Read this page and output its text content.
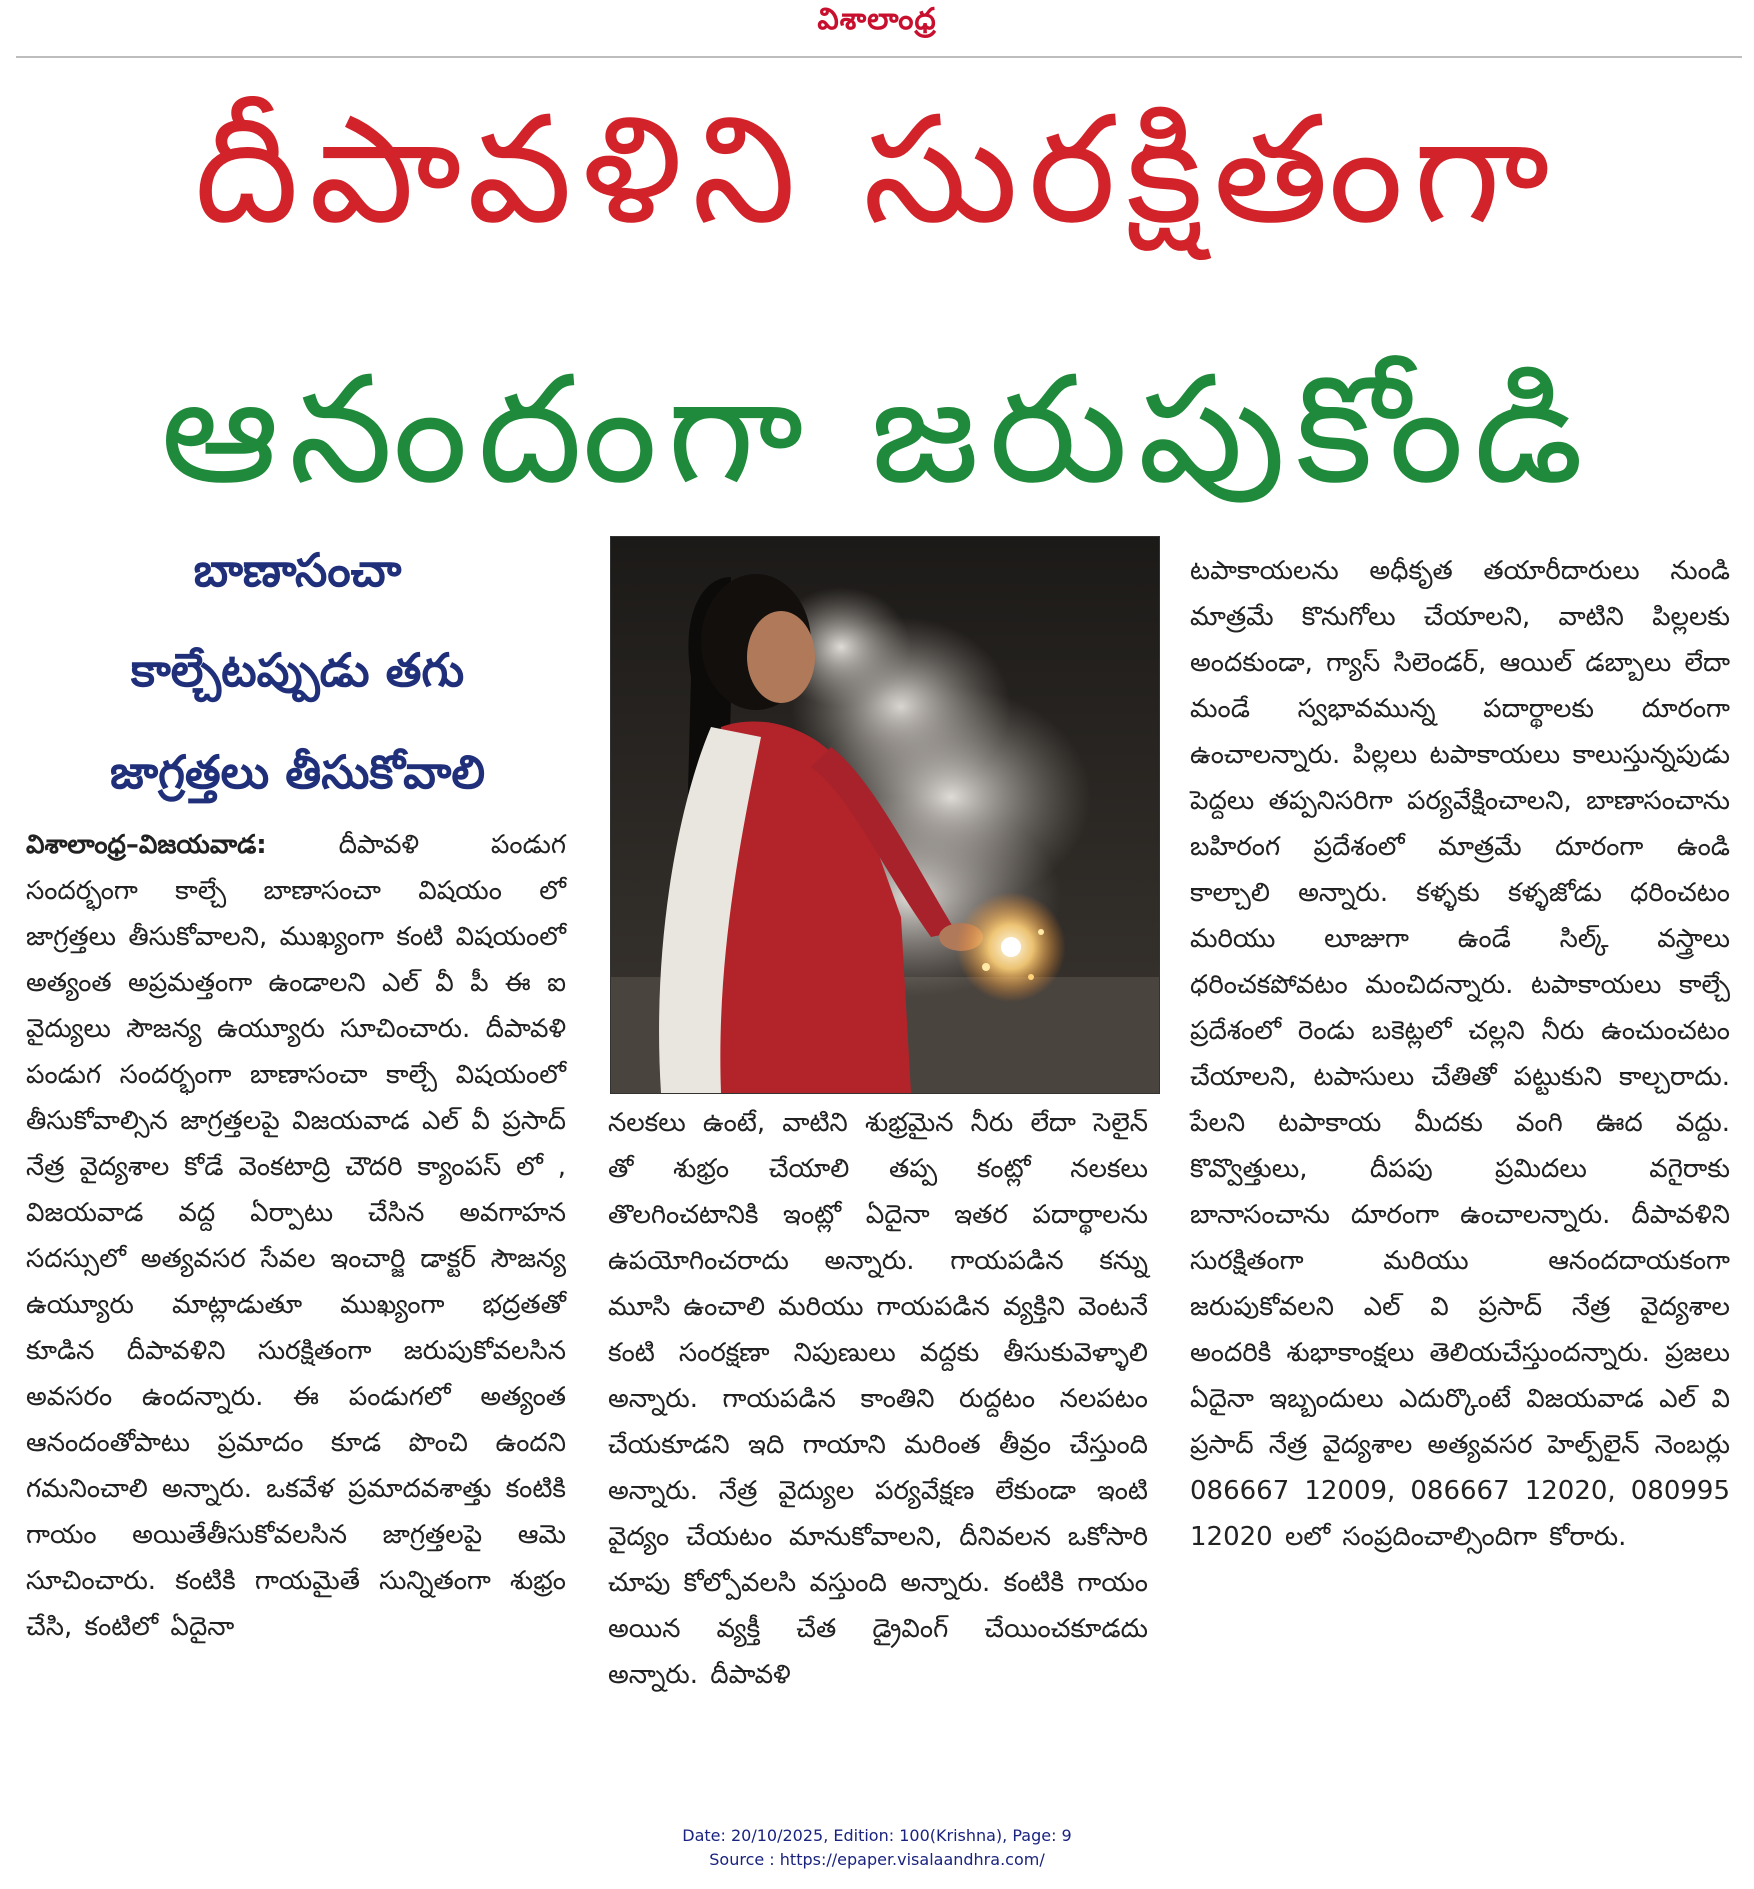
విశాలాంధ్ర
దీపావళిని సురక్షితంగా
ఆనందంగా జరుపుకోండి
బాణాసంచా
కాల్చేటప్పుడు తగు
జాగ్రత్తలు తీసుకోవాలి
విశాలాంధ్ర–విజయవాడ:	దీపావళి పండుగ సందర్భంగా కాల్చే బాణాసంచా విషయం లో జాగ్రత్తలు తీసుకోవాలని, ముఖ్యంగా కంటి విషయంలో అత్యంత అప్రమత్తంగా ఉండాలని ఎల్ వీ పీ ఈ ఐ వైద్యులు సౌజన్య ఉయ్యూరు సూచించారు. దీపావళి పండుగ సందర్భంగా బాణాసంచా కాల్చే విషయంలో తీసుకోవాల్సిన జాగ్రత్తలపై విజయవాడ ఎల్ వీ ప్రసాద్ నేత్ర వైద్యశాల కోడే వెంకటాద్రి చౌదరి క్యాంపస్ లో , విజయవాడ వద్ద ఏర్పాటు చేసిన అవగాహన సదస్సులో అత్యవసర సేవల ఇంచార్జి డాక్టర్ సౌజన్య ఉయ్యూరు మాట్లాడుతూ ముఖ్యంగా భద్రతతో కూడిన దీపావళిని సురక్షితంగా జరుపుకోవలసిన అవసరం ఉందన్నారు. ఈ పండుగలో అత్యంత ఆనందంతోపాటు ప్రమాదం కూడ పొంచి ఉందని గమనించాలి అన్నారు. ఒకవేళ ప్రమాదవశాత్తు కంటికి గాయం అయితేతీసుకోవలసిన జాగ్రత్తలపై ఆమె సూచించారు. కంటికి గాయమైతే సున్నితంగా శుభ్రం చేసి, కంటిలో ఏదైనా
నలకలు ఉంటే, వాటిని శుభ్రమైన నీరు లేదా సెలైన్ తో శుభ్రం చేయాలి తప్ప కంట్లో నలకలు తొలగించటానికి ఇంట్లో ఏదైనా ఇతర పదార్థాలను ఉపయోగించరాదు అన్నారు. గాయపడిన కన్ను మూసి ఉంచాలి మరియు గాయపడిన వ్యక్తిని వెంటనే కంటి సంరక్షణా నిపుణులు వద్దకు తీసుకువెళ్ళాలి అన్నారు. గాయపడిన కాంతిని రుద్దటం నలపటం చేయకూడని ఇది గాయాని మరింత తీవ్రం చేస్తుంది అన్నారు. నేత్ర వైద్యుల పర్యవేక్షణ లేకుండా ఇంటి వైద్యం చేయటం మానుకోవాలని, దీనివలన ఒకోసారి చూపు కోల్పోవలసి వస్తుంది అన్నారు. కంటికి గాయం అయిన వ్యక్తీ చేత డ్రైవింగ్ చేయించకూడదు అన్నారు. దీపావళి
టపాకాయలను అధీకృత తయారీదారులు నుండి మాత్రమే కొనుగోలు చేయాలని, వాటిని పిల్లలకు అందకుండా, గ్యాస్ సిలెండర్, ఆయిల్ డబ్బాలు లేదా మండే స్వభావమున్న పదార్థాలకు దూరంగా ఉంచాలన్నారు. పిల్లలు టపాకాయలు కాలుస్తున్నపుడు పెద్దలు తప్పనిసరిగా పర్యవేక్షించాలని, బాణాసంచాను బహిరంగ ప్రదేశంలో మాత్రమే దూరంగా ఉండి కాల్చాలి అన్నారు. కళ్ళకు కళ్ళజోడు ధరించటం మరియు లూజుగా ఉండే సిల్క్ వస్త్రాలు ధరించకపోవటం మంచిదన్నారు. టపాకాయలు కాల్చే ప్రదేశంలో రెండు బకెట్లలో చల్లని నీరు ఉంచుంచటం చేయాలని, టపాసులు చేతితో పట్టుకుని కాల్చరాదు. పేలని టపాకాయ మీదకు వంగి ఊద వద్దు. కొవ్వొత్తులు, దీపపు ప్రమిదలు వగైరాకు బానాసంచాను దూరంగా ఉంచాలన్నారు. దీపావళిని సురక్షితంగా మరియు ఆనందదాయకంగా జరుపుకోవలని ఎల్ వి ప్రసాద్ నేత్ర వైద్యశాల అందరికి శుభాకాంక్షలు తెలియచేస్తుందన్నారు. ప్రజలు ఏదైనా ఇబ్బందులు ఎదుర్కొంటే విజయవాడ ఎల్ వి ప్రసాద్ నేత్ర వైద్యశాల అత్యవసర హెల్ప్‌లైన్ నెంబర్లు 086667 12009, 086667 12020, 080995 12020 లలో సంప్రదించాల్సిందిగా కోరారు.
Date: 20/10/2025, Edition: 100(Krishna), Page: 9
Source : https://epaper.visalaandhra.com/
